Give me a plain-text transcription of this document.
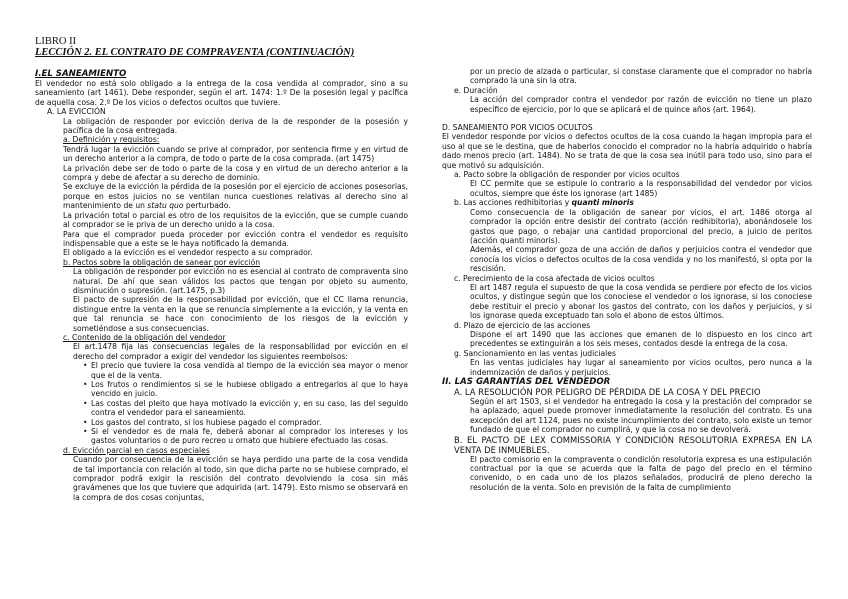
LIBRO II
LECCIÓN 2. EL CONTRATO DE COMPRAVENTA (CONTINUACIÓN)

I.EL SANEAMIENTO

El vendedor no está solo obligado a la entrega de la cosa vendida al comprador, sino a su saneamiento (art 1461). Debe responder, según el art. 1474: 1.º De la posesión legal y pacífica de aquella cosa. 2.º De los vicios o defectos ocultos que tuviere.

A. LA EVICCIÓN

La obligación de responder por evicción deriva de la de responder de la posesión y pacífica de la cosa entregada.

a. Definición y requisitos:

Tendrá lugar la evicción cuando se prive al comprador, por sentencia firme y en virtud de un derecho anterior a la compra, de todo o parte de la cosa comprada. (art 1475)

La privación debe ser de todo o parte de la cosa y en virtud de un derecho anterior a la compra y debe de afectar a su derecho de dominio.

Se excluye de la evicción la pérdida de la posesión por el ejercicio de acciones posesorias, porque en estos juicios no se ventilan nunca cuestiones relativas al derecho sino al mantenimiento de un statu quo perturbado.

La privación total o parcial es otro de los requisitos de la evicción, que se cumple cuando al comprador se le priva de un derecho unido a la cosa.

Para que el comprador pueda proceder por evicción contra el vendedor es requisito indispensable que a este se le haya notificado la demanda.

El obligado a la evicción es el vendedor respecto a su comprador.

b. Pactos sobre la obligación de sanear por evicción

La obligación de responder por evicción no es esencial al contrato de compraventa sino natural. De ahí que sean válidos los pactos que tengan por objeto su aumento, disminución o supresión. (art.1475, p.3)

El pacto de supresión de la responsabilidad por evicción, que el CC llama renuncia, distingue entre la venta en la que se renuncia simplemente a la evicción, y la venta en que tal renuncia se hace con conocimiento de los riesgos de la evicción y sometiéndose a sus consecuencias.

c. Contenido de la obligación del vendedor

El art.1478 fija las consecuencias legales de la responsabilidad por evicción en el derecho del comprador a exigir del vendedor los siguientes reembolsos:

• El precio que tuviere la cosa vendida al tiempo de la evicción sea mayor o menor que el de la venta.
• Los frutos o rendimientos si se le hubiese obligado a entregarlos al que lo haya vencido en juicio.
• Las costas del pleito que haya motivado la evicción y, en su caso, las del seguido contra el vendedor para el saneamiento.
• Los gastos del contrato, si los hubiese pagado el comprador.
• Si el vendedor es de mala fe, deberá abonar al comprador los intereses y los gastos voluntarios o de puro recreo u ornato que hubiere efectuado las cosas.

d. Evicción parcial en casos especiales

Cuando por consecuencia de la evicción se haya perdido una parte de la cosa vendida de tal importancia con relación al todo, sin que dicha parte no se hubiese comprado, el comprador podrá exigir la rescisión del contrato devolviendo la cosa sin más gravámenes que los que tuviere que adquirida (art. 1479). Esto mismo se observará en la compra de dos cosas conjuntas,

por un precio de alzada o particular, si constase claramente que el comprador no habría comprado la una sin la otra.

e. Duración

La acción del comprador contra el vendedor por razón de evicción no tiene un plazo específico de ejercicio, por lo que se aplicará el de quince años (art. 1964).

D. SANEAMIENTO POR VICIOS OCULTOS

El vendedor responde por vicios o defectos ocultos de la cosa cuando la hagan impropia para el uso al que se le destina, que de haberlos conocido el comprador no la habría adquirido o habría dado menos precio (art. 1484). No se trata de que la cosa sea inútil para todo uso, sino para el que motivó su adquisición.

a. Pacto sobre la obligación de responder por vicios ocultos

El CC permite que se estipule lo contrario a la responsabilidad del vendedor por vicios ocultos, siempre que éste los ignorase (art 1485)

b. Las acciones redhibitorias y quanti minoris

Como consecuencia de la obligación de sanear por vicios, el art. 1486 otorga al comprador la opción entre desistir del contrato (acción redhibitoria), abonándosele los gastos que pago, o rebajar una cantidad proporcional del precio, a juicio de peritos (acción quanti minoris).

Además, el comprador goza de una acción de daños y perjuicios contra el vendedor que conocía los vicios o defectos ocultos de la cosa vendida y no los manifestó, si opta por la rescisión.

c. Perecimiento de la cosa afectada de vicios ocultos

El art 1487 regula el supuesto de que la cosa vendida se perdiere por efecto de los vicios ocultos, y distingue según que los conociese el vendedor o los ignorase, si los conociese debe restituir el precio y abonar los gastos del contrato, con los daños y perjuicios, y si los ignorase queda exceptuado tan solo el abono de estos últimos.

d. Plazo de ejercicio de las acciones

Dispone el art 1490 que las acciones que emanen de lo dispuesto en los cinco art precedentes se extinguirán a los seis meses, contados desde la entrega de la cosa.

g. Sancionamiento en las ventas judiciales

En las ventas judiciales hay lugar al saneamiento por vicios ocultos, pero nunca a la indemnización de daños y perjuicios.

II. LAS GARANTÍAS DEL VENDEDOR

A. LA RESOLUCIÓN POR PELIGRO DE PÉRDIDA DE LA COSA Y DEL PRECIO

Según el art 1503, si el vendedor ha entregado la cosa y la prestación del comprador se ha aplazado, aquel puede promover inmediatamente la resolución del contrato. Es una excepción del art 1124, pues no existe incumplimiento del contrato, solo existe un temor fundado de que el comprador no cumplirá, y que la cosa no se devolverá.

B. EL PACTO DE LEX COMMISSORIA Y CONDICIÓN RESOLUTORIA EXPRESA EN LA VENTA DE INMUEBLES.

El pacto comisorio en la compraventa o condición resolutoria expresa es una estipulación contractual por la que se acuerda que la falta de pago del precio en el término convenido, o en cada uno de los plazos señalados, producirá de pleno derecho la resolución de la venta. Solo en previsión de la falta de cumplimiento
